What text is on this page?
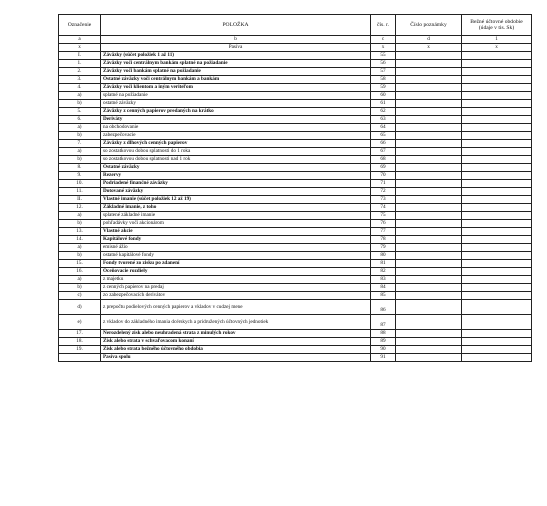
Označenie	POLOŽKA	čís. r.	Číslo poznámky	Bežné účtovné obdobie (údaje v tis. Sk)
a	b	c	d	1
x	Pasíva	x	x	x
I.	Záväzky (súčet položiek 1 až 11)	55		
1.	Záväzky voči centrálnym bankám splatné na požiadanie	56		
2.	Záväzky voči bankám splatné na požiadanie	57		
3.	Ostatné záväzky voči centrálnym bankám a bankám	58		
4.	Záväzky voči klientom a iným veriteľom	59		
a)	splatné na požiadanie	60		
b)	ostatné záväzky	61		
5.	Záväzky z cenných papierov predaných na krátko	62		
6.	Deriváty	63		
a)	na obchodovanie	64		
b)	zabezpečovacie	65		
7.	Záväzky z dlhových cenných papierov	66		
a)	so zostatkovou dobou splatnosti do 1 roka	67		
b)	so zostatkovou dobou splatnosti nad 1 rok	68		
8.	Ostatné záväzky	69		
9.	Rezervy	70		
10.	Podriadené finančné záväzky	71		
11.	Dotované záväzky	72		
II.	Vlastné imanie (súčet položiek 12 až 19)	73		
12.	Základné imanie, z toho	74		
a)	splatené základné imanie	75		
b)	pohľadávky voči akcionárom	76		
13.	Vlastné akcie	77		
14.	Kapitálové fondy	78		
a)	emisné ážio	79		
b)	ostatné kapitálové fondy	80		
15.	Fondy tvorené zo zisku po zdanení	81		
16.	Oceňovacie rozdiely	82		
a)	z majetku	83		
b)	z cenných papierov na predaj	84		
c)	zo zabezpečovacích derivátov	85		
d)	z prepočtu podielových cenných papierov a vkladov v cudzej mene	86		
e)	z vkladov do základného imania dcérskych a pridružených účtovných jednotiek	87		
17.	Nerozdelený zisk alebo neuhradená strata z minulých rokov	88		
18.	Zisk alebo strata v schvaľovacom konaní	89		
19.	Zisk alebo strata bežného účtovného obdobia	90		
	Pasíva spolu	91		
